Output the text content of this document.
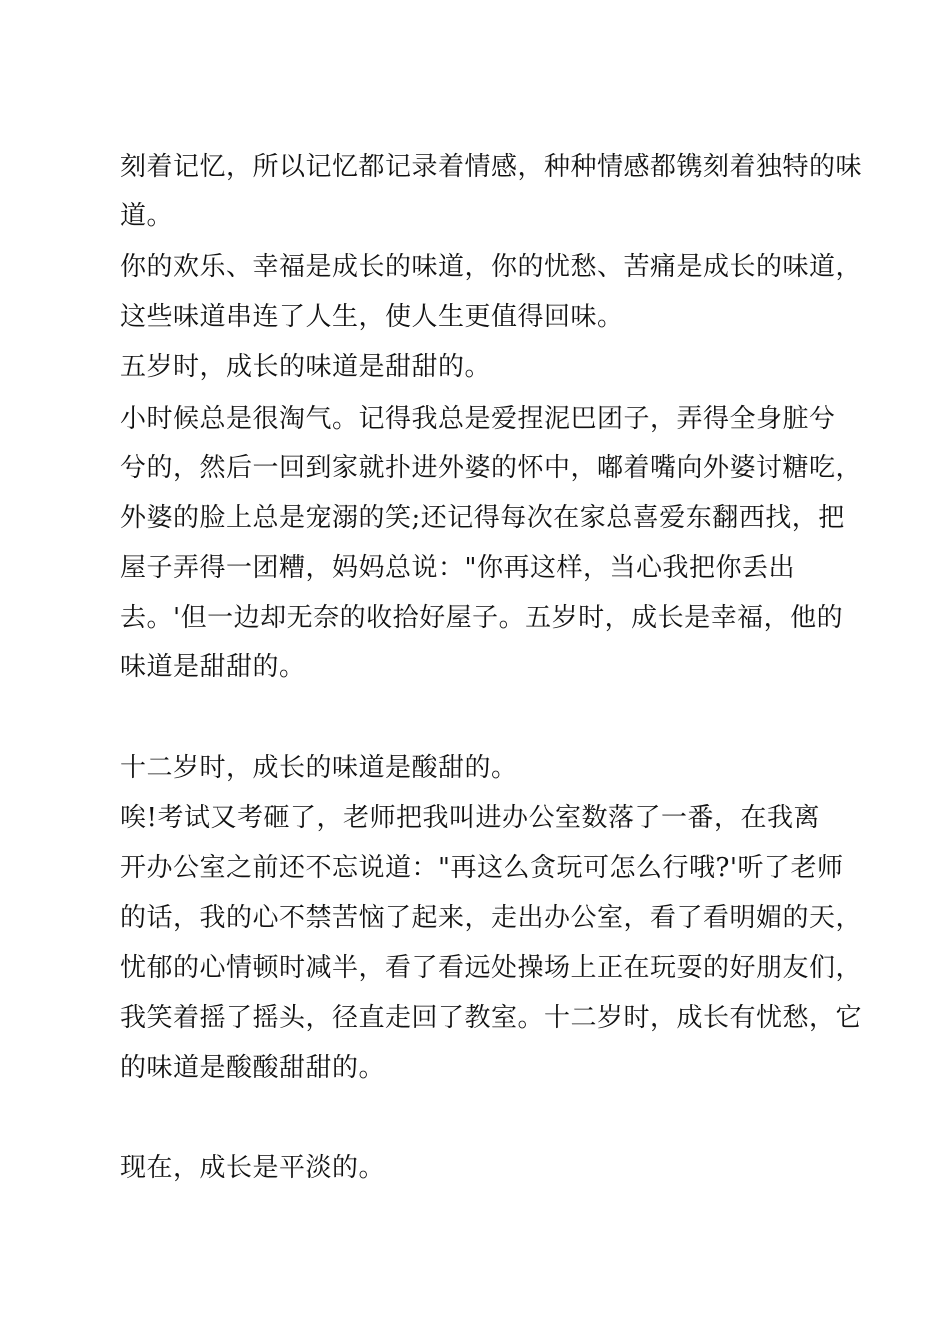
刻着记忆，所以记忆都记录着情感，种种情感都镌刻着独特的味
道。
你的欢乐、幸福是成长的味道，你的忧愁、苦痛是成长的味道，
这些味道串连了人生，使人生更值得回味。
五岁时，成长的味道是甜甜的。
小时候总是很淘气。记得我总是爱捏泥巴团子，弄得全身脏兮
兮的，然后一回到家就扑进外婆的怀中，嘟着嘴向外婆讨糖吃，
外婆的脸上总是宠溺的笑;还记得每次在家总喜爱东翻西找，把
屋子弄得一团糟，妈妈总说："你再这样，当心我把你丢出
去。'但一边却无奈的收拾好屋子。五岁时，成长是幸福，他的
味道是甜甜的。
十二岁时，成长的味道是酸甜的。
唉!考试又考砸了，老师把我叫进办公室数落了一番，在我离
开办公室之前还不忘说道："再这么贪玩可怎么行哦?'听了老师
的话，我的心不禁苦恼了起来，走出办公室，看了看明媚的天，
忧郁的心情顿时减半，看了看远处操场上正在玩耍的好朋友们，
我笑着摇了摇头，径直走回了教室。十二岁时，成长有忧愁，它
的味道是酸酸甜甜的。
现在，成长是平淡的。
